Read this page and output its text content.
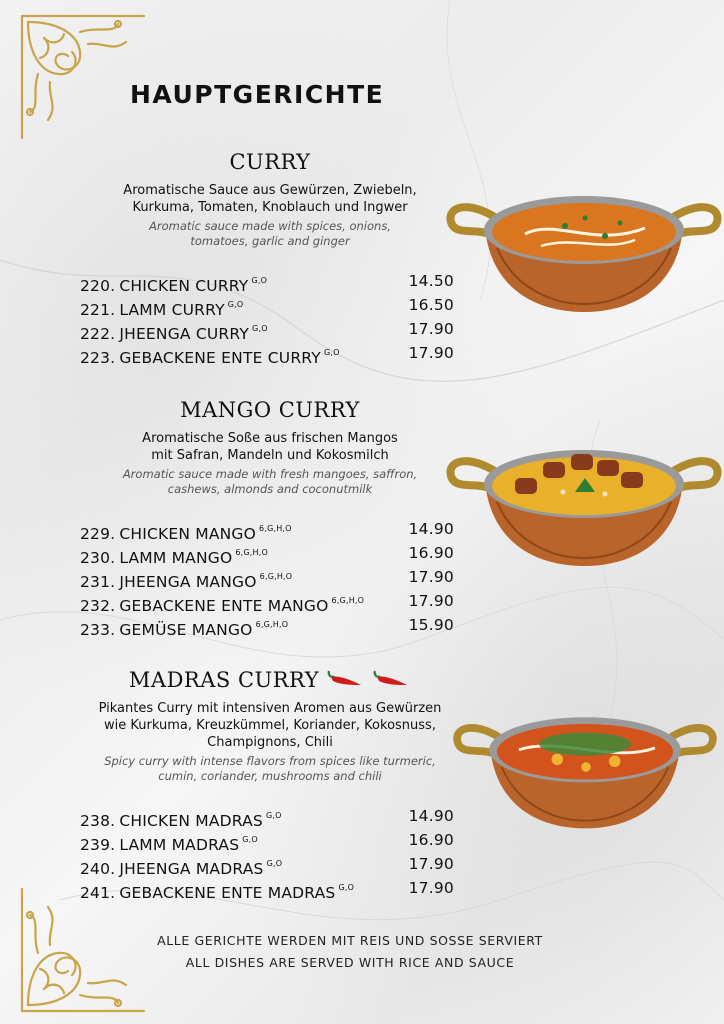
HAUPTGERICHTE
CURRY
Aromatische Sauce aus Gewürzen, Zwiebeln,
Kurkuma, Tomaten, Knoblauch und Ingwer
Aromatic sauce made with spices, onions,
tomatoes, garlic and ginger
220. CHICKEN CURRY $^{G,O}$	14.50
221. LAMM CURRY $^{G,O}$	16.50
222. JHEENGA CURRY $^{G,O}$	17.90
223. GEBACKENE ENTE CURRY $^{G,O}$	17.90
MANGO CURRY
Aromatische Soße aus frischen Mangos
mit Safran, Mandeln und Kokosmilch
Aromatic sauce made with fresh mangoes, saffron,
cashews, almonds and coconutmilk
229. CHICKEN MANGO $^{6,G,H,O}$	14.90
230. LAMM MANGO $^{6,G,H,O}$	16.90
231. JHEENGA MANGO $^{6,G,H,O}$	17.90
232. GEBACKENE ENTE MANGO $^{6,G,H,O}$	17.90
233. GEMÜSE MANGO $^{6,G,H,O}$	15.90
MADRAS CURRY
Pikantes Curry mit intensiven Aromen aus Gewürzen
wie Kurkuma, Kreuzkümmel, Koriander, Kokosnuss,
Champignons, Chili
Spicy curry with intense flavors from spices like turmeric,
cumin, coriander, mushrooms and chili
238. CHICKEN MADRAS $^{G,O}$	14.90
239. LAMM MADRAS $^{G,O}$	16.90
240. JHEENGA MADRAS $^{G,O}$	17.90
241. GEBACKENE ENTE MADRAS $^{G,O}$	17.90
ALLE GERICHTE WERDEN MIT REIS UND SOSSE SERVIERT
ALL DISHES ARE SERVED WITH RICE AND SAUCE
